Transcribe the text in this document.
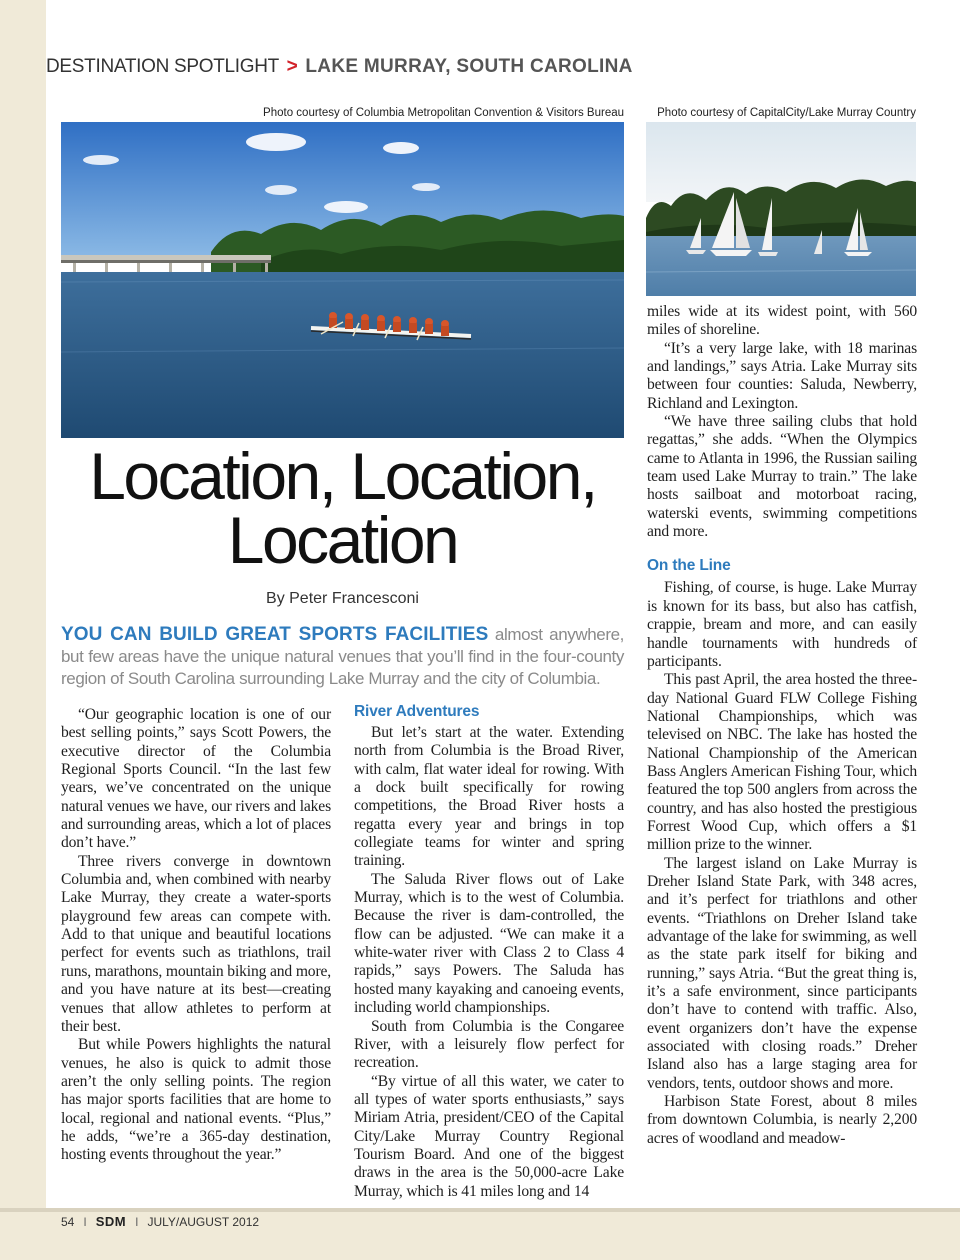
DESTINATION SPOTLIGHT > LAKE MURRAY, SOUTH CAROLINA
Photo courtesy of Columbia Metropolitan Convention & Visitors Bureau	Photo courtesy of CapitalCity/Lake Murray Country
Location, Location,
Location
By Peter Francesconi
YOU CAN BUILD GREAT SPORTS FACILITIES almost anywhere, but few areas have the unique natural venues that you’ll find in the four-county region of South Carolina surrounding Lake Murray and the city of Columbia.

“Our geographic location is one of our best selling points,” says Scott Powers, the executive director of the Columbia Regional Sports Council. “In the last few years, we’ve concentrated on the unique natural venues we have, our rivers and lakes and surrounding areas, which a lot of places don’t have.”

Three rivers converge in downtown Columbia and, when combined with nearby Lake Murray, they create a water-sports playground few areas can compete with. Add to that unique and beautiful locations perfect for events such as triathlons, trail runs, marathons, mountain biking and more, and you have nature at its best—creating venues that allow athletes to perform at their best.

But while Powers highlights the natural venues, he also is quick to admit those aren’t the only selling points. The region has major sports facilities that are home to local, regional and national events. “Plus,” he adds, “we’re a 365-day destination, hosting events throughout the year.”

River Adventures

But let’s start at the water. Extending north from Columbia is the Broad River, with calm, flat water ideal for rowing. With a dock built specifically for rowing competitions, the Broad River hosts a regatta every year and brings in top collegiate teams for winter and spring training.

The Saluda River flows out of Lake Murray, which is to the west of Columbia. Because the river is dam-controlled, the flow can be adjusted. “We can make it a white-water river with Class 2 to Class 4 rapids,” says Powers. The Saluda has hosted many kayaking and canoeing events, including world championships.

South from Columbia is the Congaree River, with a leisurely flow perfect for recreation.

“By virtue of all this water, we cater to all types of water sports enthusiasts,” says Miriam Atria, president/CEO of the Capital City/Lake Murray Country Regional Tourism Board. And one of the biggest draws in the area is the 50,000-acre Lake Murray, which is 41 miles long and 14

miles wide at its widest point, with 560 miles of shoreline.

“It’s a very large lake, with 18 marinas and landings,” says Atria. Lake Murray sits between four counties: Saluda, Newberry, Richland and Lexington.

“We have three sailing clubs that hold regattas,” she adds. “When the Olympics came to Atlanta in 1996, the Russian sailing team used Lake Murray to train.” The lake hosts sailboat and motorboat racing, waterski events, swimming competitions and more.

On the Line

Fishing, of course, is huge. Lake Murray is known for its bass, but also has catfish, crappie, bream and more, and can easily handle tournaments with hundreds of participants.

This past April, the area hosted the three-day National Guard FLW College Fishing National Championships, which was televised on NBC. The lake has hosted the National Championship of the American Bass Anglers American Fishing Tour, which featured the top 500 anglers from across the country, and has also hosted the prestigious Forrest Wood Cup, which offers a $1 million prize to the winner.

The largest island on Lake Murray is Dreher Island State Park, with 348 acres, and it’s perfect for triathlons and other events. “Triathlons on Dreher Island take advantage of the lake for swimming, as well as the state park itself for biking and running,” says Atria. “But the great thing is, it’s a safe environment, since participants don’t have to contend with traffic. Also, event organizers don’t have the expense associated with closing roads.” Dreher Island also has a large staging area for vendors, tents, outdoor shows and more.

Harbison State Forest, about 8 miles from downtown Columbia, is nearly 2,200 acres of woodland and meadow-

54 I SDM I JULY/AUGUST 2012
